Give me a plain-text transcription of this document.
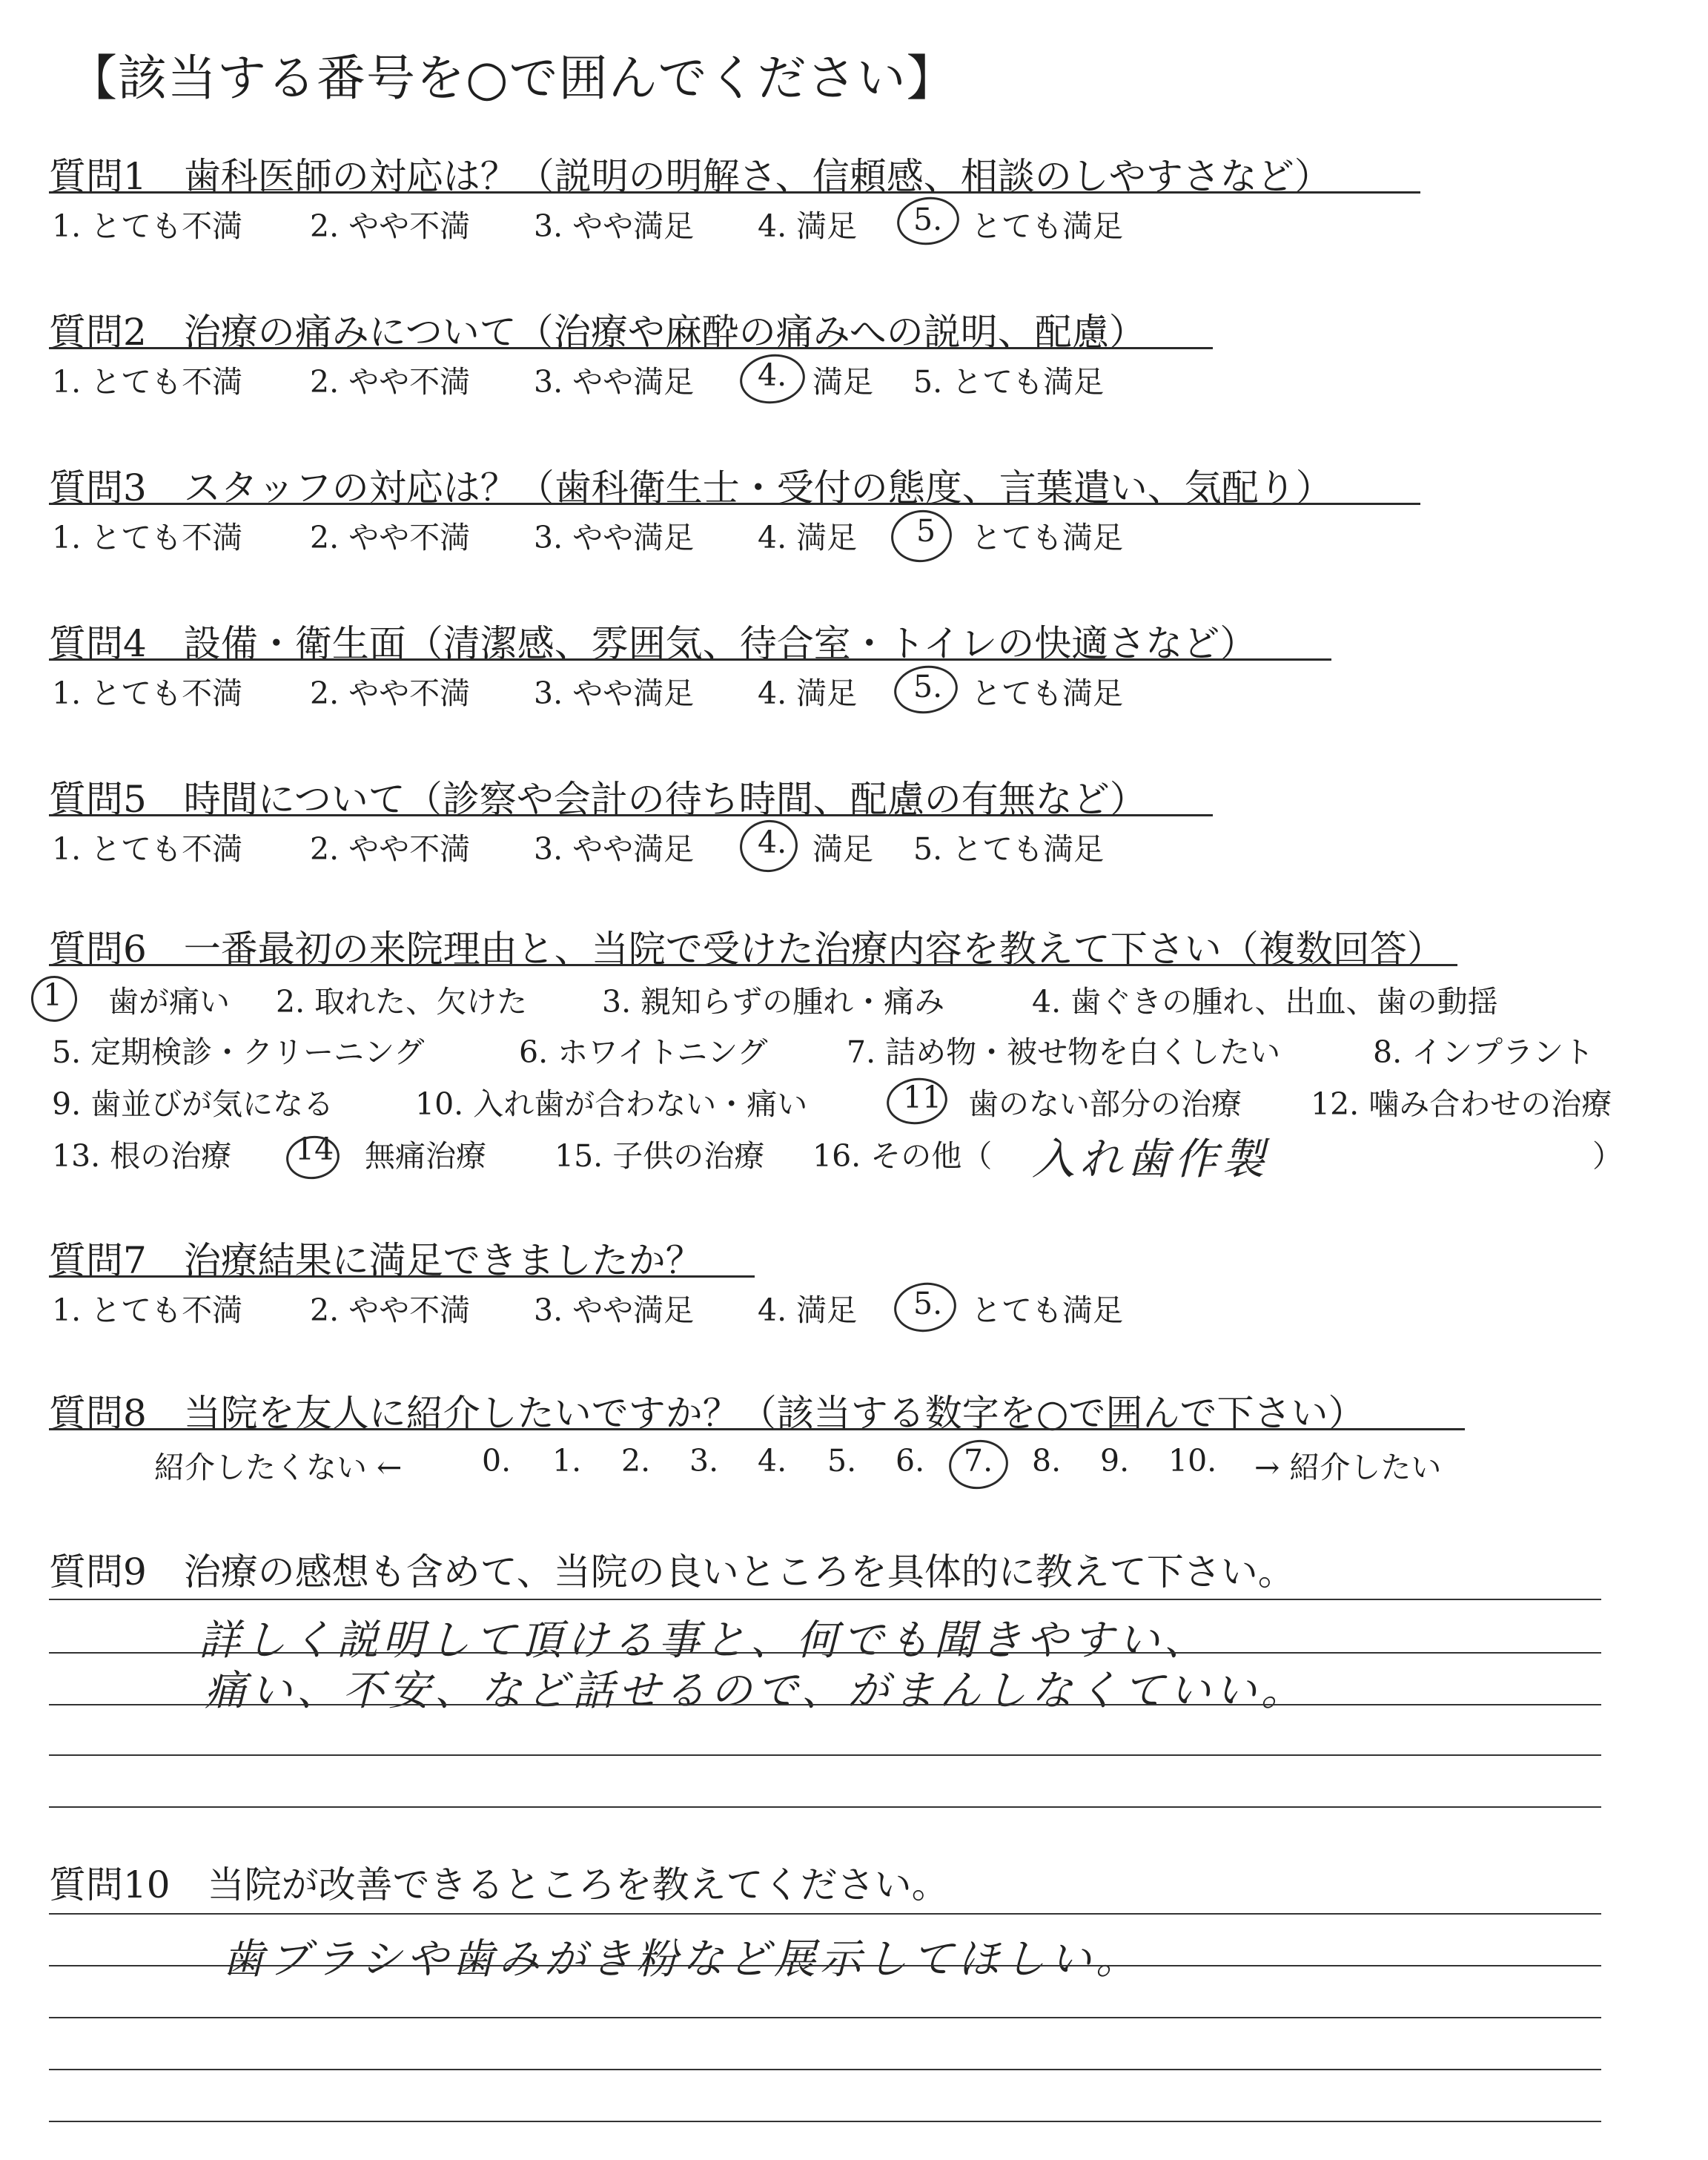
【該当する番号を○で囲んでください】
質問1　歯科医師の対応は？（説明の明解さ、信頼感、相談のしやすさなど）
1. とても不満 2. やや不満 3. やや満足 4. 満足 5. とても満足
質問2　治療の痛みについて（治療や麻酔の痛みへの説明、配慮）
1. とても不満 2. やや不満 3. やや満足 4. 満足 5. とても満足
質問3　スタッフの対応は？（歯科衛生士・受付の態度、言葉遣い、気配り）
1. とても不満 2. やや不満 3. やや満足 4. 満足 5 とても満足
質問4　設備・衛生面（清潔感、雰囲気、待合室・トイレの快適さなど）
1. とても不満 2. やや不満 3. やや満足 4. 満足 5. とても満足
質問5　時間について（診察や会計の待ち時間、配慮の有無など）
1. とても不満 2. やや不満 3. やや満足 4. 満足 5. とても満足
質問6　一番最初の来院理由と、当院で受けた治療内容を教えて下さい（複数回答）
1 歯が痛い 2. 取れた、欠けた 3. 親知らずの腫れ・痛み	4. 歯ぐきの腫れ、出血、歯の動揺
5. 定期検診・クリーニング	6. ホワイトニング	7. 詰め物・被せ物を白くしたい	8. インプラント
9. 歯並びが気になる	10. 入れ歯が合わない・痛い	11 歯のない部分の治療 12. 噛み合わせの治療
13. 根の治療 14 無痛治療 15. 子供の治療 16. その他（ 入れ歯作製	）
質問7　治療結果に満足できましたか？
1. とても不満 2. やや不満 3. やや満足 4. 満足 5. とても満足
質問8　当院を友人に紹介したいですか？（該当する数字を○で囲んで下さい）
紹介したくない ←	0. 1. 2. 3. 4. 5. 6. 7. 8. 9. 10. → 紹介したい
質問9　治療の感想も含めて、当院の良いところを具体的に教えて下さい。
詳しく説明して頂ける事と、何でも聞きやすい、
痛い、不安、など話せるので、がまんしなくていい。
質問10　当院が改善できるところを教えてください。
歯ブラシや歯みがき粉など展示してほしい。
